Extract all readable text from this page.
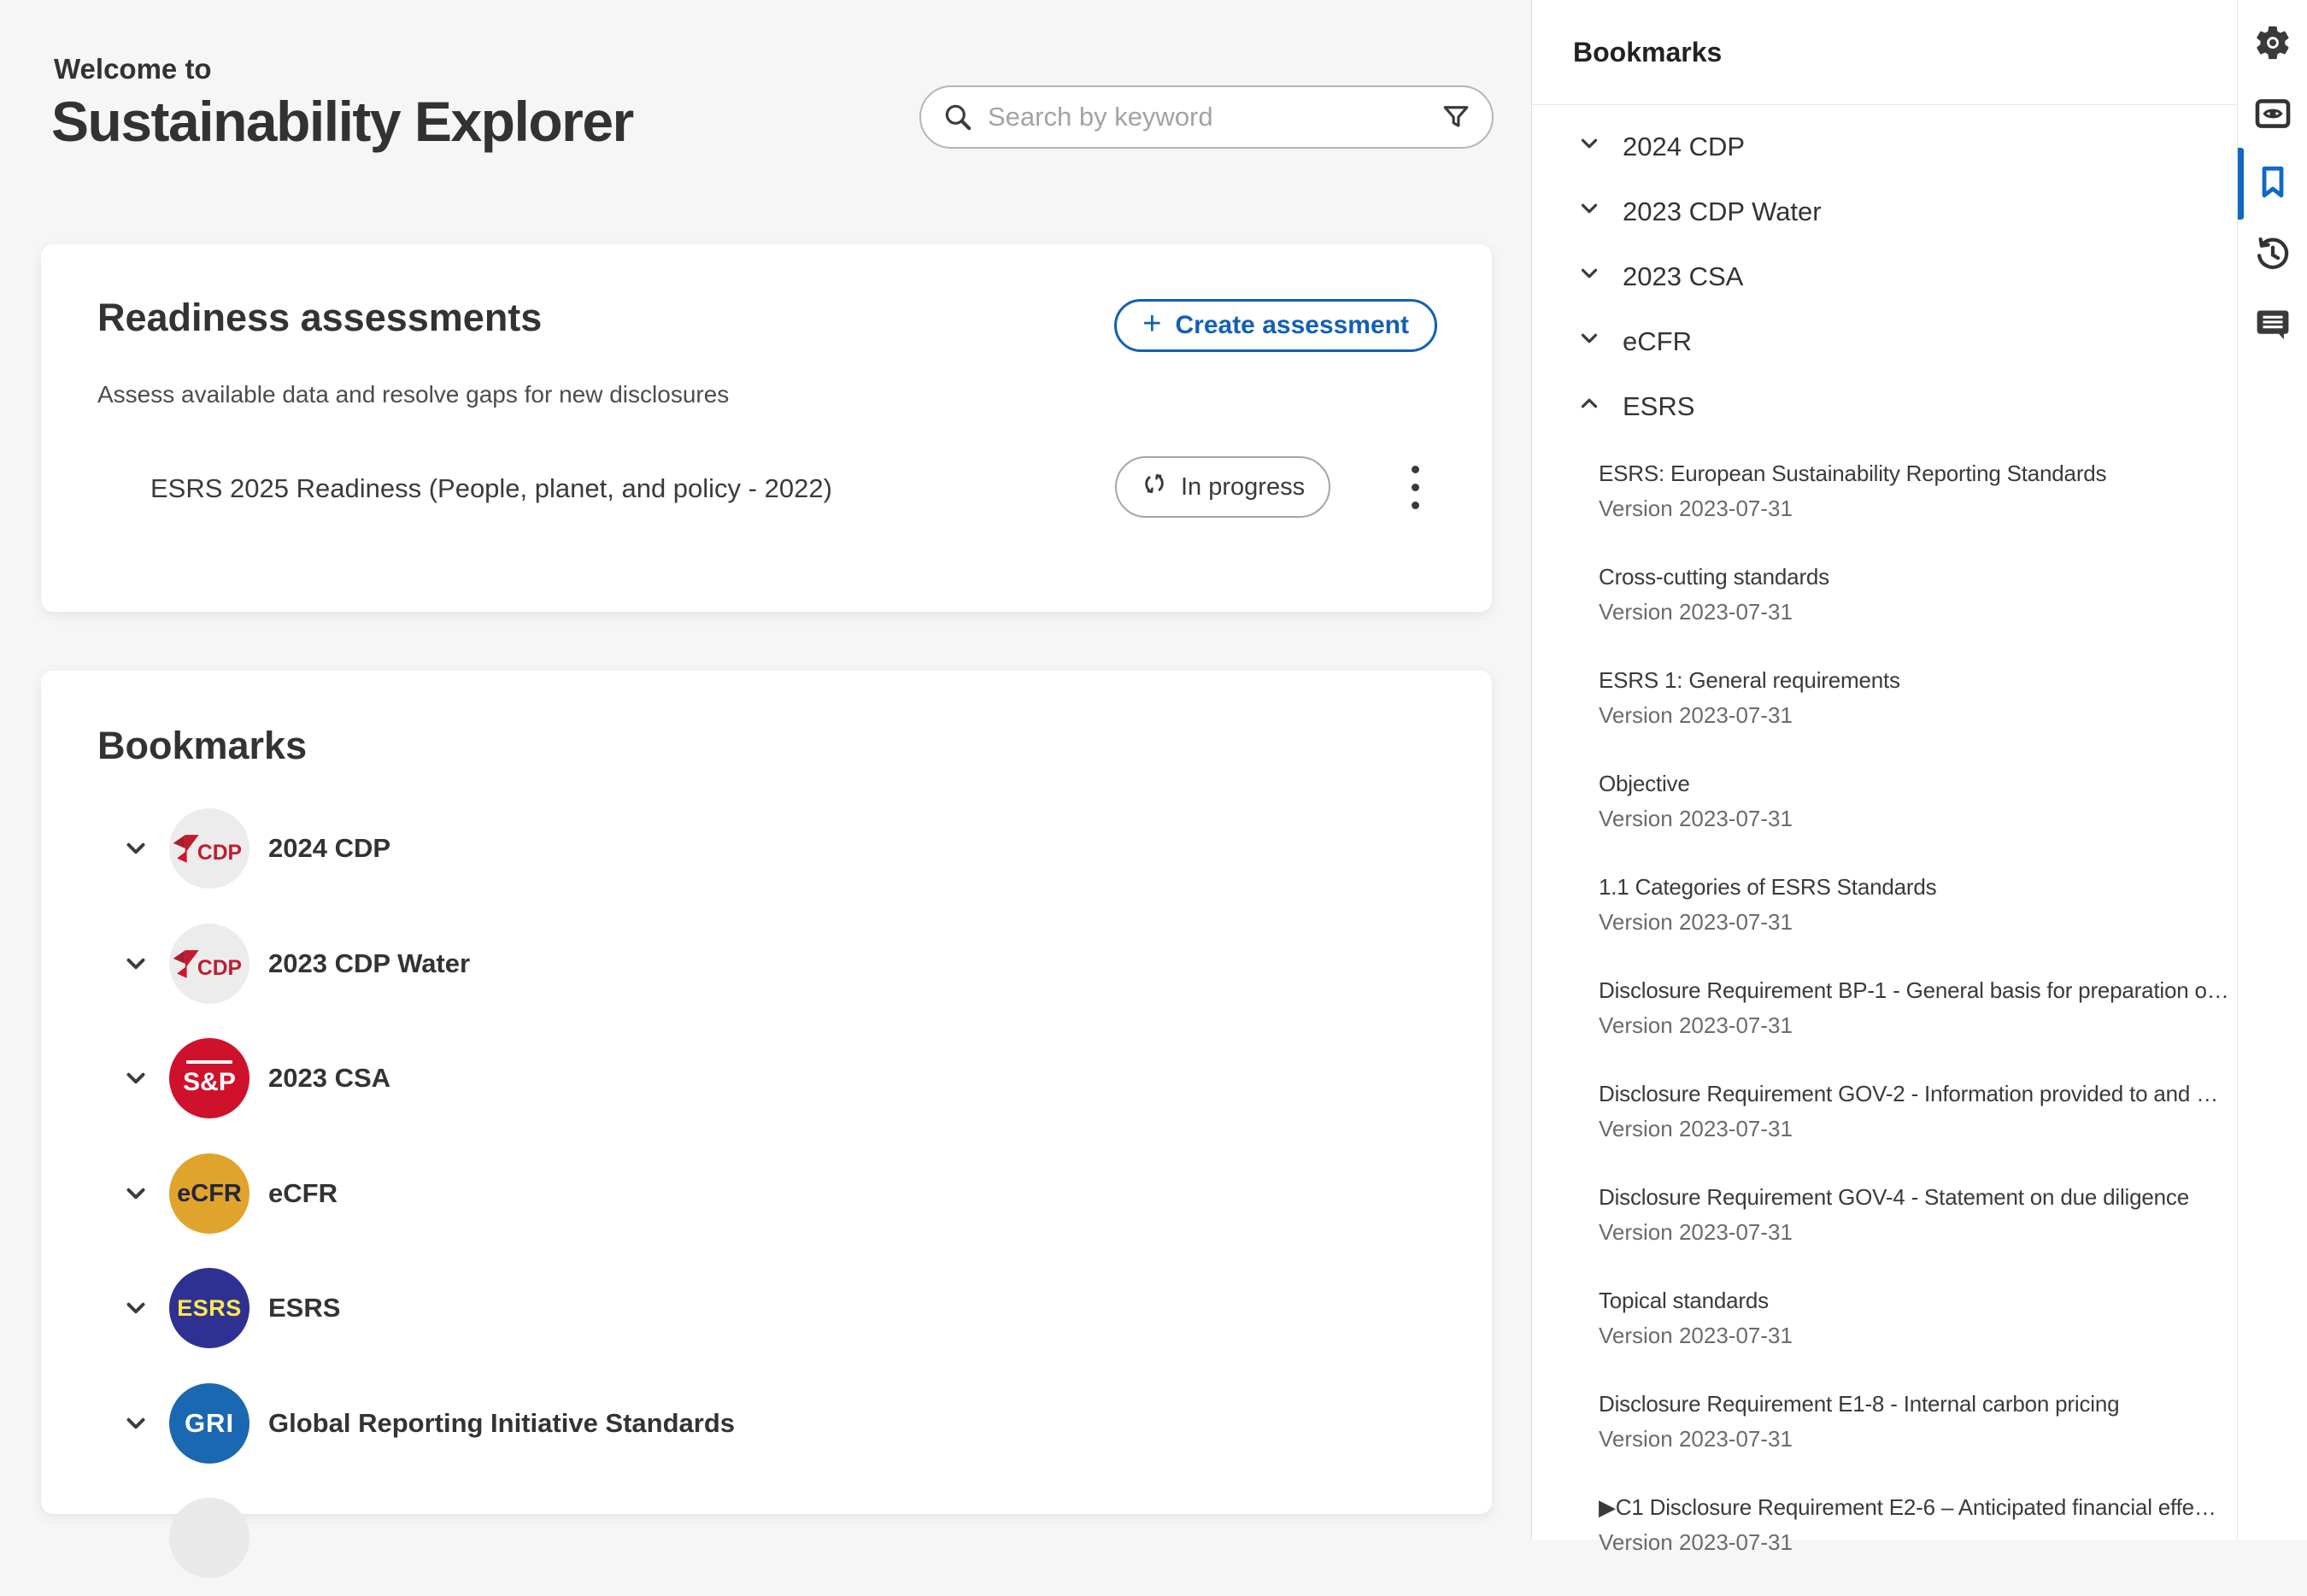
Welcome to
Sustainability Explorer
Search by keyword
Readiness assessments	+ Create assessment
Assess available data and resolve gaps for new disclosures
ESRS 2025 Readiness (People, planet, and policy - 2022)	In progress
Bookmarks
CDP 2024 CDP
CDP 2023 CDP Water
S&P 2023 CSA
eCFR eCFR
ESRS ESRS
GRI Global Reporting Initiative Standards
Bookmarks
2024 CDP
2023 CDP Water
2023 CSA
eCFR
ESRS
ESRS: European Sustainability Reporting Standards
Version 2023-07-31
Cross-cutting standards
Version 2023-07-31
ESRS 1: General requirements
Version 2023-07-31
Objective
Version 2023-07-31
1.1 Categories of ESRS Standards
Version 2023-07-31
Disclosure Requirement BP-1 - General basis for preparation o…
Version 2023-07-31
Disclosure Requirement GOV-2 - Information provided to and …
Version 2023-07-31
Disclosure Requirement GOV-4 - Statement on due diligence
Version 2023-07-31
Topical standards
Version 2023-07-31
Disclosure Requirement E1-8 - Internal carbon pricing
Version 2023-07-31
▶C1 Disclosure Requirement E2-6 – Anticipated financial effe…
Version 2023-07-31
